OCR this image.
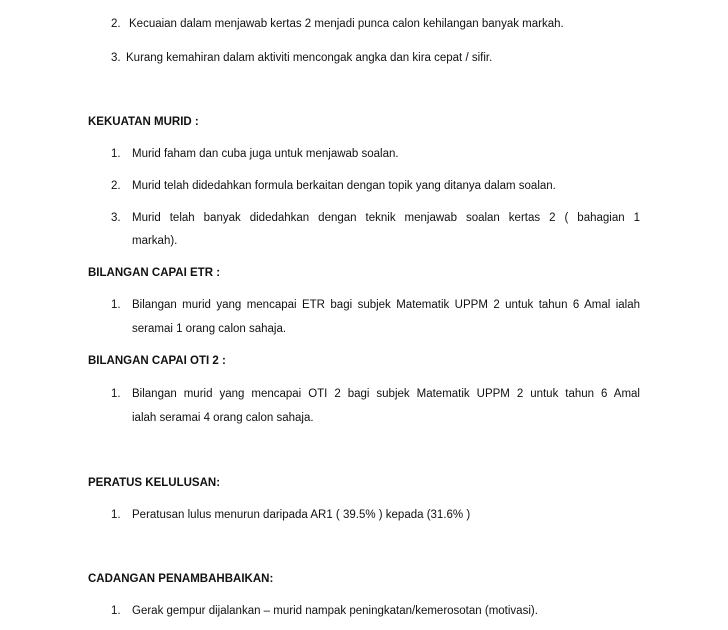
2. Kecuaian dalam menjawab kertas 2 menjadi punca calon kehilangan banyak markah.
3. Kurang kemahiran dalam aktiviti mencongak angka dan kira cepat / sifir.
KEKUATAN MURID :
1. Murid faham dan cuba juga untuk menjawab soalan.
2. Murid telah didedahkan formula berkaitan dengan topik yang ditanya dalam soalan.
3. Murid telah banyak didedahkan dengan teknik menjawab soalan kertas 2 ( bahagian 1
markah).
BILANGAN CAPAI ETR :
1. Bilangan murid yang mencapai ETR bagi subjek Matematik UPPM 2 untuk tahun 6 Amal ialah
seramai 1 orang calon sahaja.
BILANGAN CAPAI OTI 2 :
1. Bilangan murid yang mencapai OTI 2 bagi subjek Matematik UPPM 2 untuk tahun 6 Amal
ialah seramai 4 orang calon sahaja.
PERATUS KELULUSAN:
1. Peratusan lulus menurun daripada AR1 ( 39.5% ) kepada (31.6% )
CADANGAN PENAMBAHBAIKAN:
1. Gerak gempur dijalankan – murid nampak peningkatan/kemerosotan (motivasi).
